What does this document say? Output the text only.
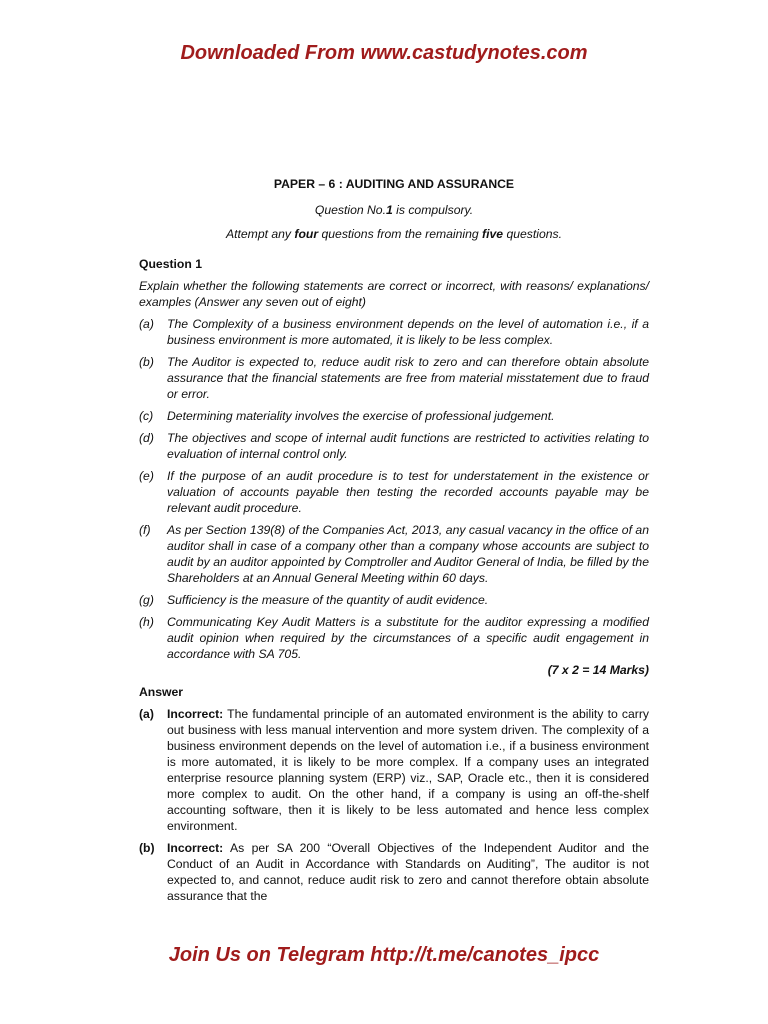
Downloaded From www.castudynotes.com
PAPER – 6 : AUDITING AND ASSURANCE
Question No.1 is compulsory.
Attempt any four questions from the remaining five questions.
Question 1
Explain whether the following statements are correct or incorrect, with reasons/ explanations/ examples (Answer any seven out of eight)
(a)	The Complexity of a business environment depends on the level of automation i.e., if a business environment is more automated, it is likely to be less complex.
(b)	The Auditor is expected to, reduce audit risk to zero and can therefore obtain absolute assurance that the financial statements are free from material misstatement due to fraud or error.
(c)	Determining materiality involves the exercise of professional judgement.
(d)	The objectives and scope of internal audit functions are restricted to activities relating to evaluation of internal control only.
(e)	If the purpose of an audit procedure is to test for understatement in the existence or valuation of accounts payable then testing the recorded accounts payable may be relevant audit procedure.
(f)	As per Section 139(8) of the Companies Act, 2013, any casual vacancy in the office of an auditor shall in case of a company other than a company whose accounts are subject to audit by an auditor appointed by Comptroller and Auditor General of India, be filled by the Shareholders at an Annual General Meeting within 60 days.
(g)	Sufficiency is the measure of the quantity of audit evidence.
(h)	Communicating Key Audit Matters is a substitute for the auditor expressing a modified audit opinion when required by the circumstances of a specific audit engagement in accordance with SA 705.
(7 x 2 = 14 Marks)
Answer
(a)	Incorrect: The fundamental principle of an automated environment is the ability to carry out business with less manual intervention and more system driven. The complexity of a business environment depends on the level of automation i.e., if a business environment is more automated, it is likely to be more complex. If a company uses an integrated enterprise resource planning system (ERP) viz., SAP, Oracle etc., then it is considered more complex to audit. On the other hand, if a company is using an off-the-shelf accounting software, then it is likely to be less automated and hence less complex environment.
(b)	Incorrect: As per SA 200 “Overall Objectives of the Independent Auditor and the Conduct of an Audit in Accordance with Standards on Auditing”, The auditor is not expected to, and cannot, reduce audit risk to zero and cannot therefore obtain absolute assurance that the
Join Us on Telegram http://t.me/canotes_ipcc
